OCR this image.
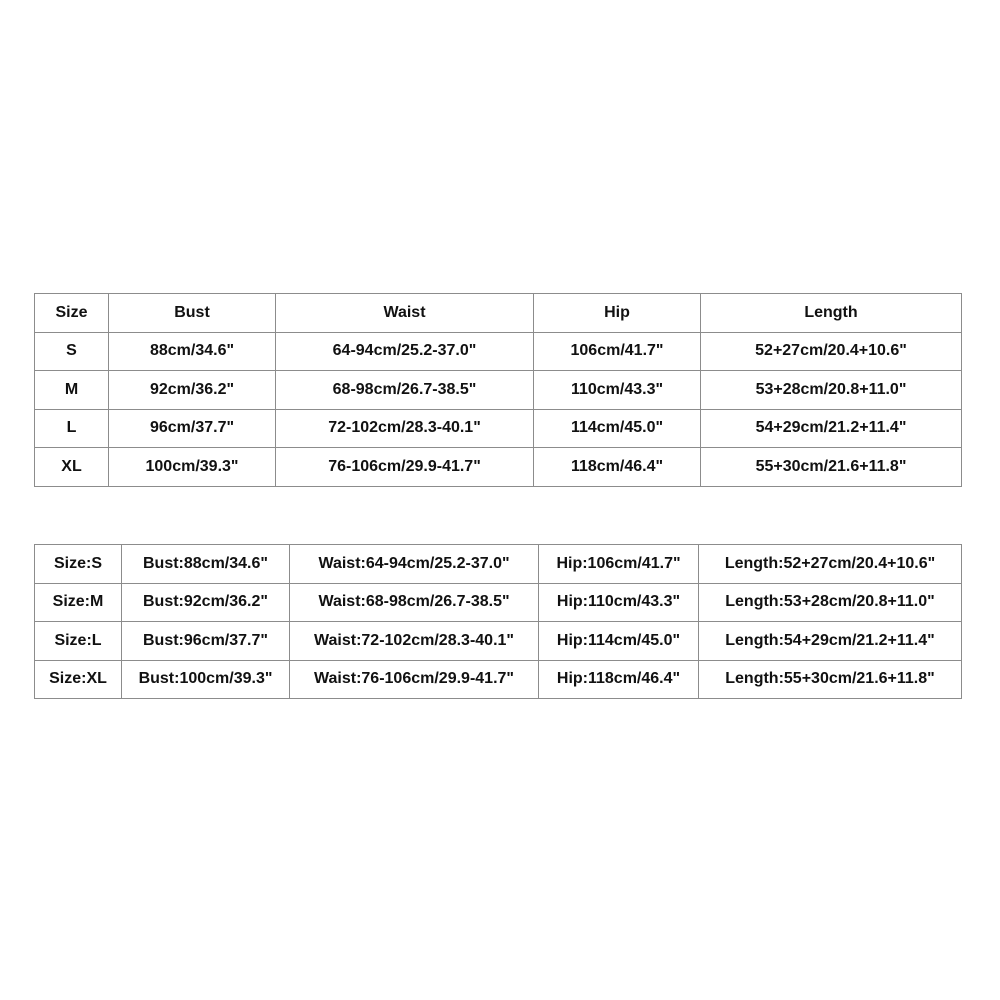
Size	Bust	Waist	Hip	Length
S	88cm/34.6"	64-94cm/25.2-37.0"	106cm/41.7"	52+27cm/20.4+10.6"
M	92cm/36.2"	68-98cm/26.7-38.5"	110cm/43.3"	53+28cm/20.8+11.0"
L	96cm/37.7"	72-102cm/28.3-40.1"	114cm/45.0"	54+29cm/21.2+11.4"
XL	100cm/39.3"	76-106cm/29.9-41.7"	118cm/46.4"	55+30cm/21.6+11.8"
Size:S	Bust:88cm/34.6"	Waist:64-94cm/25.2-37.0"	Hip:106cm/41.7"	Length:52+27cm/20.4+10.6"
Size:M	Bust:92cm/36.2"	Waist:68-98cm/26.7-38.5"	Hip:110cm/43.3"	Length:53+28cm/20.8+11.0"
Size:L	Bust:96cm/37.7"	Waist:72-102cm/28.3-40.1"	Hip:114cm/45.0"	Length:54+29cm/21.2+11.4"
Size:XL	Bust:100cm/39.3"	Waist:76-106cm/29.9-41.7"	Hip:118cm/46.4"	Length:55+30cm/21.6+11.8"
